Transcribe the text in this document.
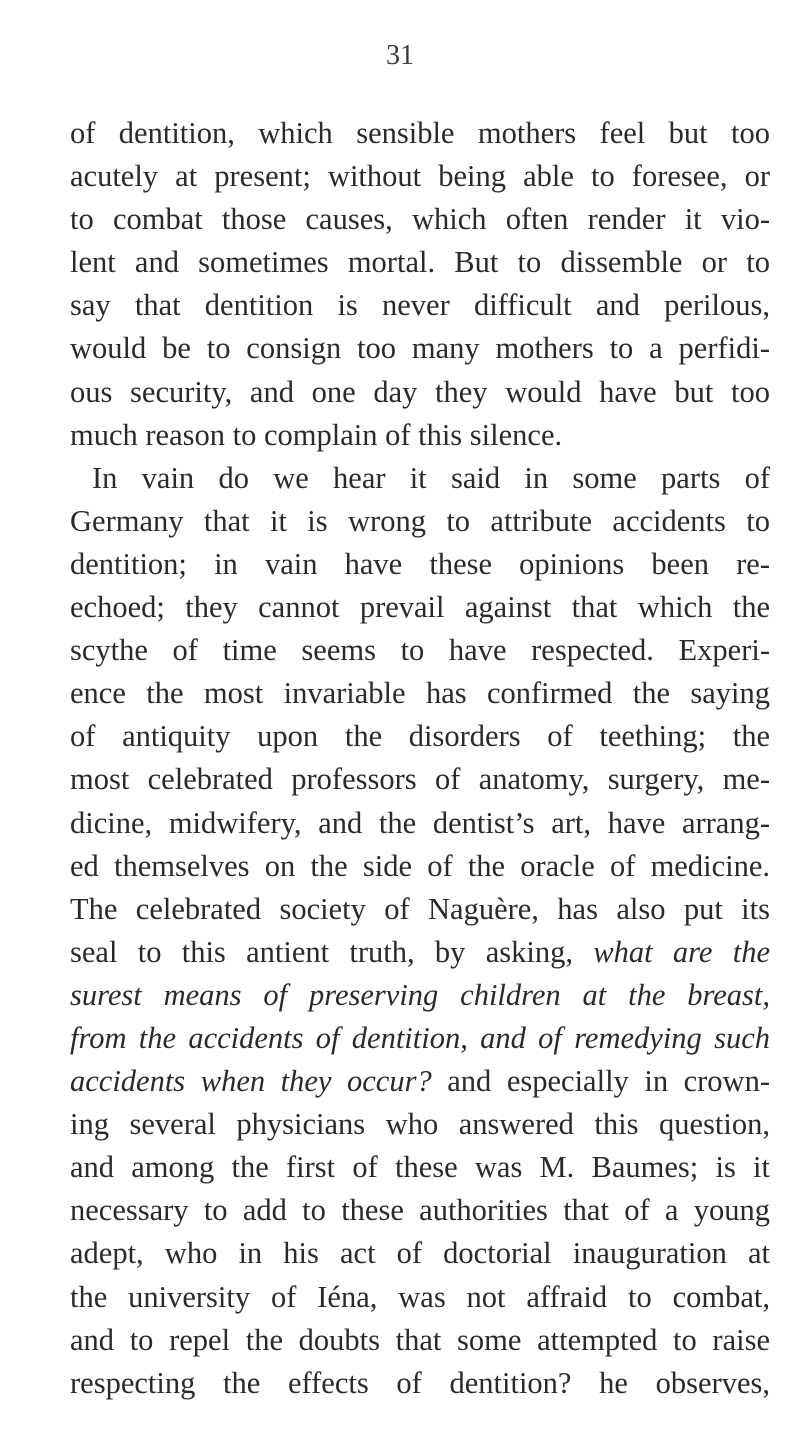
31
of dentition, which sensible mothers feel but too
acutely at present; without being able to foresee, or
to combat those causes, which often render it vio-
lent and sometimes mortal. But to dissemble or to
say that dentition is never difficult and perilous,
would be to consign too many mothers to a perfidi-
ous security, and one day they would have but too
much reason to complain of this silence.
In vain do we hear it said in some parts of
Germany that it is wrong to attribute accidents to
dentition; in vain have these opinions been re-
echoed; they cannot prevail against that which the
scythe of time seems to have respected. Experi-
ence the most invariable has confirmed the saying
of antiquity upon the disorders of teething; the
most celebrated professors of anatomy, surgery, me-
dicine, midwifery, and the dentist’s art, have arrang-
ed themselves on the side of the oracle of medicine.
The celebrated society of Naguère, has also put its
seal to this antient truth, by asking, what are the
surest means of preserving children at the breast,
from the accidents of dentition, and of remedying such
accidents when they occur? and especially in crown-
ing several physicians who answered this question,
and among the first of these was M. Baumes; is it
necessary to add to these authorities that of a young
adept, who in his act of doctorial inauguration at
the university of Iéna, was not affraid to combat,
and to repel the doubts that some attempted to raise
respecting the effects of dentition? he observes,
